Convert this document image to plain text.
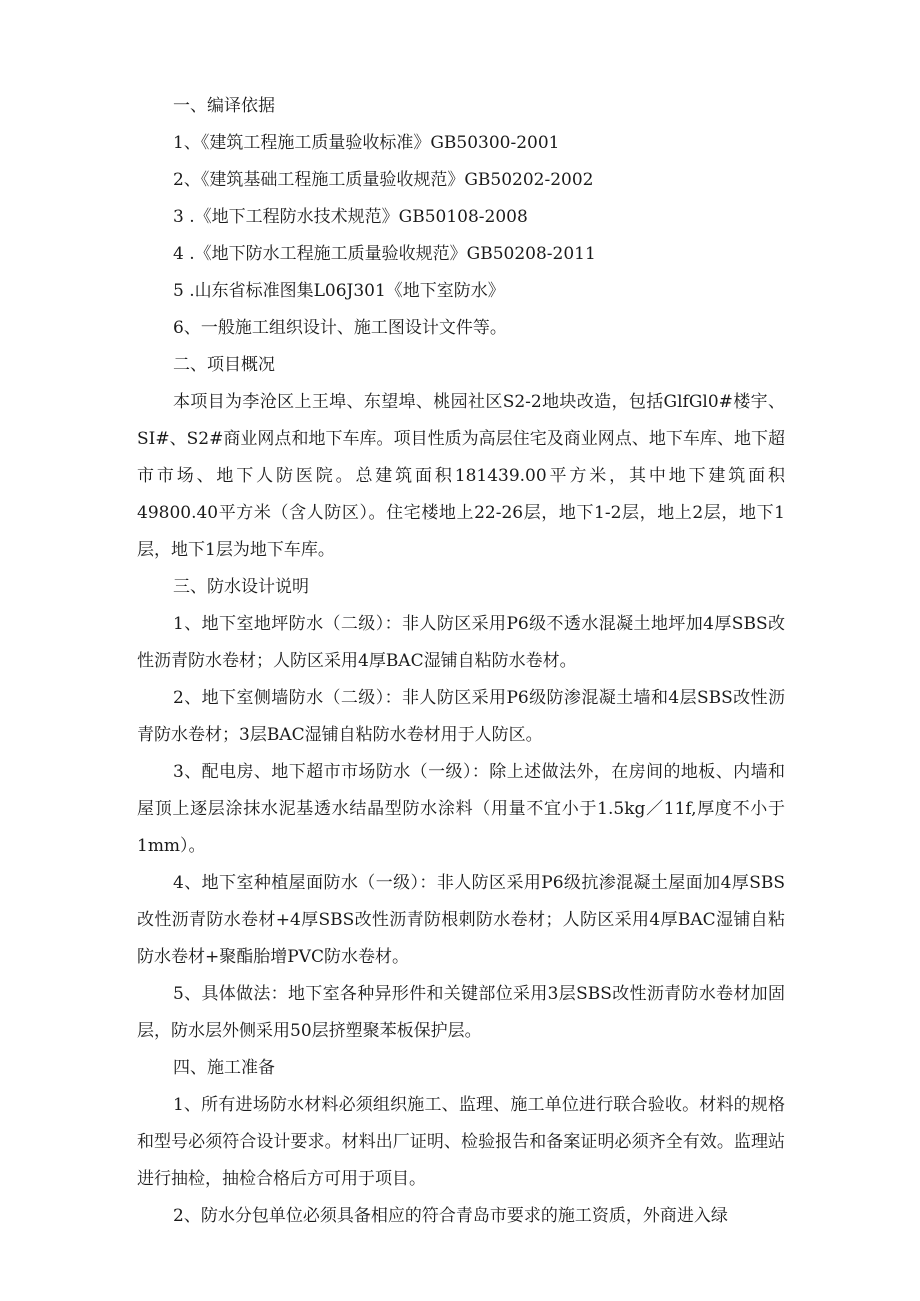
一、编译依据

1、《建筑工程施工质量验收标准》GB50300-2001

2、《建筑基础工程施工质量验收规范》GB50202-2002

3 .《地下工程防水技术规范》GB50108-2008

4 .《地下防水工程施工质量验收规范》GB50208-2011

5 .山东省标准图集L06J301《地下室防水》

6、一般施工组织设计、施工图设计文件等。

二、项目概况

本项目为李沧区上王埠、东望埠、桃园社区S2-2地块改造，包括GlfGl0#楼宇、SI#、S2#商业网点和地下车库。项目性质为高层住宅及商业网点、地下车库、地下超市市场、地下人防医院。总建筑面积181439.00平方米，其中地下建筑面积49800.40平方米（含人防区）。住宅楼地上22-26层，地下1-2层，地上2层，地下1层，地下1层为地下车库。

三、防水设计说明

1、地下室地坪防水（二级）：非人防区采用P6级不透水混凝土地坪加4厚SBS改性沥青防水卷材；人防区采用4厚BAC湿铺自粘防水卷材。

2、地下室侧墙防水（二级）：非人防区采用P6级防渗混凝土墙和4层SBS改性沥青防水卷材；3层BAC湿铺自粘防水卷材用于人防区。

3、配电房、地下超市市场防水（一级）：除上述做法外，在房间的地板、内墙和屋顶上逐层涂抹水泥基透水结晶型防水涂料（用量不宜小于1.5kg／11f,厚度不小于1mm）。

4、地下室种植屋面防水（一级）：非人防区采用P6级抗渗混凝土屋面加4厚SBS改性沥青防水卷材+4厚SBS改性沥青防根刺防水卷材；人防区采用4厚BAC湿铺自粘防水卷材+聚酯胎增PVC防水卷材。

5、具体做法：地下室各种异形件和关键部位采用3层SBS改性沥青防水卷材加固层，防水层外侧采用50层挤塑聚苯板保护层。

四、施工准备

1、所有进场防水材料必须组织施工、监理、施工单位进行联合验收。材料的规格和型号必须符合设计要求。材料出厂证明、检验报告和备案证明必须齐全有效。监理站进行抽检，抽检合格后方可用于项目。

2、防水分包单位必须具备相应的符合青岛市要求的施工资质，外商进入绿
